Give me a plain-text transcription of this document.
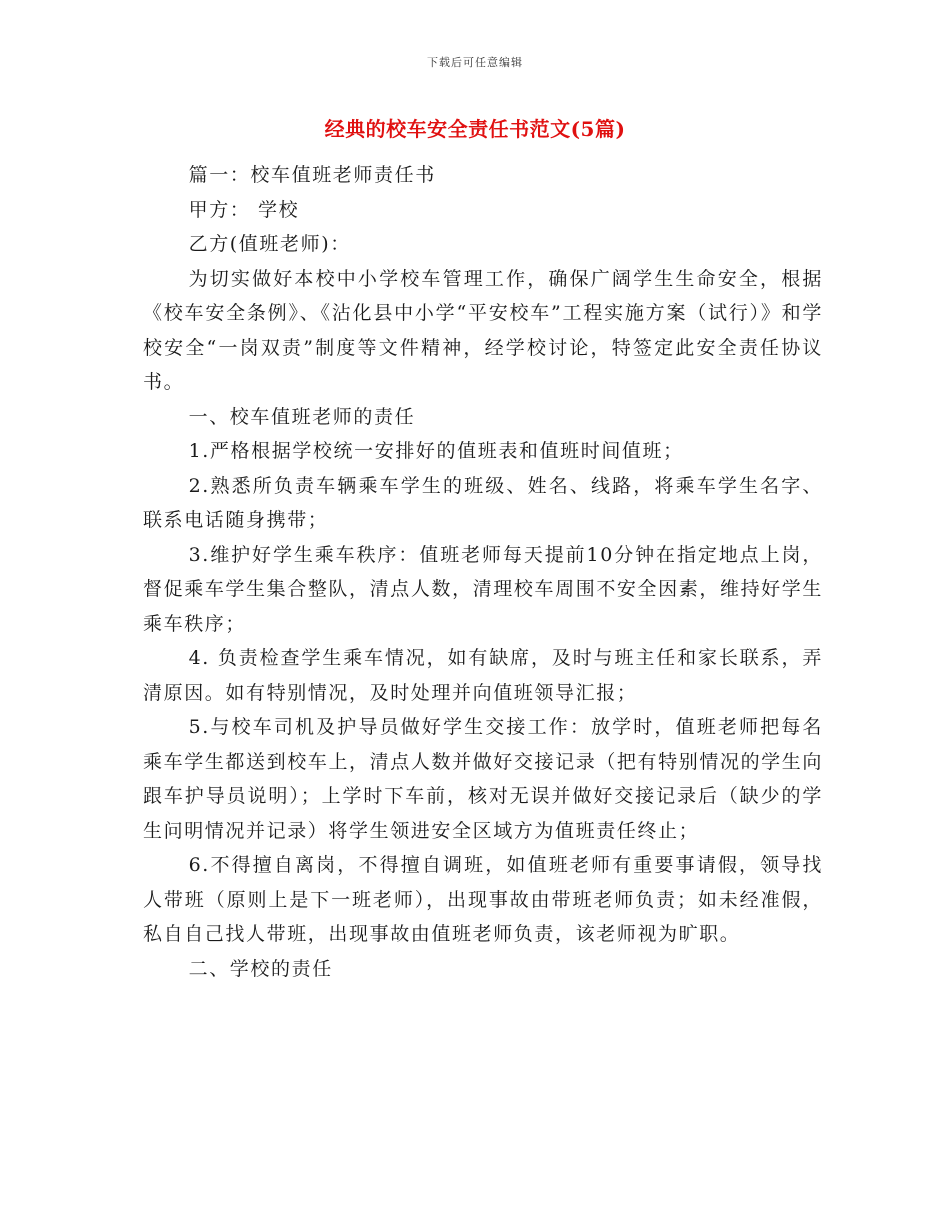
下载后可任意编辑
经典的校车安全责任书范文(5篇)

篇一：校车值班老师责任书

甲方： 学校

乙方(值班老师)：

为切实做好本校中小学校车管理工作，确保广阔学生生命安全，根据《校车安全条例》、《沾化县中小学“平安校车”工程实施方案（试行）》和学校安全“一岗双责”制度等文件精神，经学校讨论，特签定此安全责任协议书。

一、校车值班老师的责任

1.严格根据学校统一安排好的值班表和值班时间值班；

2.熟悉所负责车辆乘车学生的班级、姓名、线路，将乘车学生名字、联系电话随身携带；

3.维护好学生乘车秩序：值班老师每天提前10分钟在指定地点上岗，督促乘车学生集合整队，清点人数，清理校车周围不安全因素，维持好学生乘车秩序；

4. 负责检查学生乘车情况，如有缺席，及时与班主任和家长联系，弄清原因。如有特别情况，及时处理并向值班领导汇报；

5.与校车司机及护导员做好学生交接工作：放学时，值班老师把每名乘车学生都送到校车上，清点人数并做好交接记录（把有特别情况的学生向跟车护导员说明）；上学时下车前，核对无误并做好交接记录后（缺少的学生问明情况并记录）将学生领进安全区域方为值班责任终止；

6.不得擅自离岗，不得擅自调班，如值班老师有重要事请假，领导找人带班（原则上是下一班老师），出现事故由带班老师负责；如未经准假，私自自己找人带班，出现事故由值班老师负责，该老师视为旷职。

二、学校的责任
